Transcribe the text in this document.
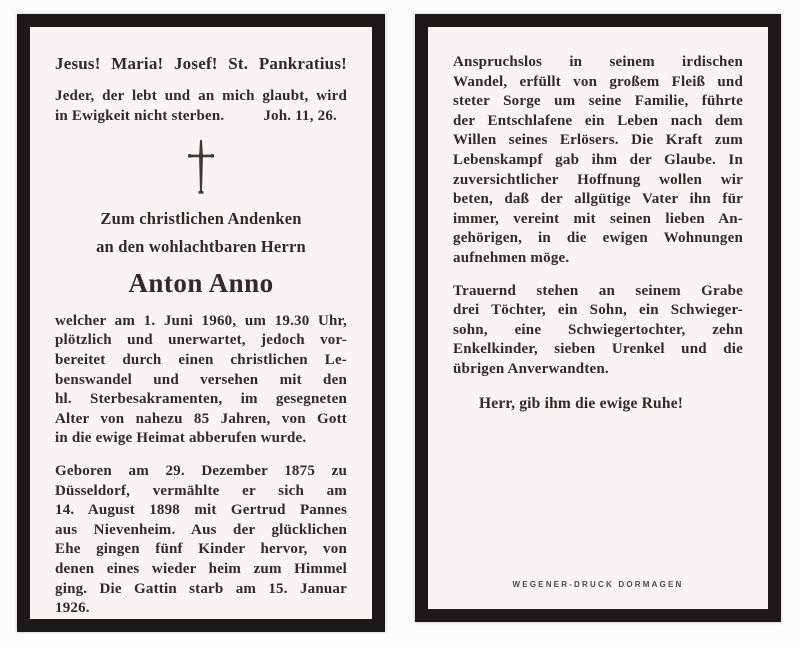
Jesus! Maria! Josef! St. Pankratius!
Jeder, der lebt und an mich glaubt, wird
in Ewigkeit nicht sterben.	Joh. 11, 26.
Zum christlichen Andenken
an den wohlachtbaren Herrn
Anton Anno
welcher am 1. Juni 1960, um 19.30 Uhr,
plötzlich und unerwartet, jedoch vor-
bereitet durch einen christlichen Le-
benswandel und versehen mit den
hl. Sterbesakramenten, im gesegneten
Alter von nahezu 85 Jahren, von Gott
in die ewige Heimat abberufen wurde.
Geboren am 29. Dezember 1875 zu
Düsseldorf, vermählte er sich am
14. August 1898 mit Gertrud Pannes
aus Nievenheim. Aus der glücklichen
Ehe gingen fünf Kinder hervor, von
denen eines wieder heim zum Himmel
ging. Die Gattin starb am 15. Januar
1926.
Anspruchslos in seinem irdischen
Wandel, erfüllt von großem Fleiß und
steter Sorge um seine Familie, führte
der Entschlafene ein Leben nach dem
Willen seines Erlösers. Die Kraft zum
Lebenskampf gab ihm der Glaube. In
zuversichtlicher Hoffnung wollen wir
beten, daß der allgütige Vater ihn für
immer, vereint mit seinen lieben An-
gehörigen, in die ewigen Wohnungen
aufnehmen möge.
Trauernd stehen an seinem Grabe
drei Töchter, ein Sohn, ein Schwieger-
sohn, eine Schwiegertochter, zehn
Enkelkinder, sieben Urenkel und die
übrigen Anverwandten.
Herr, gib ihm die ewige Ruhe!
WEGENER-DRUCK DORMAGEN
